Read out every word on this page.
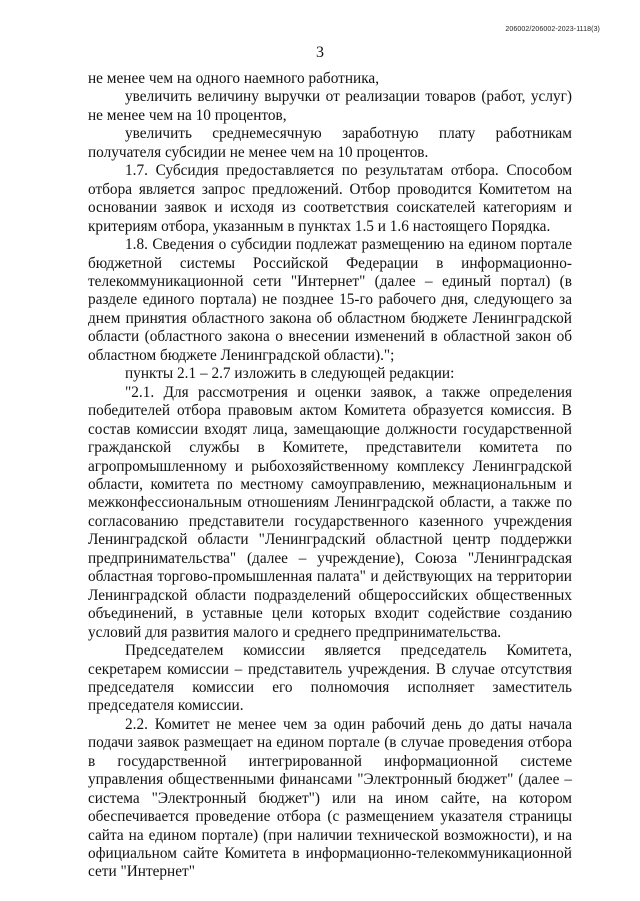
206002/206002-2023-1118(3)
3

не менее чем на одного наемного работника,

увеличить величину выручки от реализации товаров (работ, услуг) не менее чем на 10 процентов,

увеличить среднемесячную заработную плату работникам получателя субсидии не менее чем на 10 процентов.

1.7. Субсидия предоставляется по результатам отбора. Способом отбора является запрос предложений. Отбор проводится Комитетом на основании заявок и исходя из соответствия соискателей категориям и критериям отбора, указанным в пунктах 1.5 и 1.6 настоящего Порядка.

1.8. Сведения о субсидии подлежат размещению на едином портале бюджетной системы Российской Федерации в информационно-телекоммуникационной сети "Интернет" (далее – единый портал) (в разделе единого портала) не позднее 15-го рабочего дня, следующего за днем принятия областного закона об областном бюджете Ленинградской области (областного закона о внесении изменений в областной закон об областном бюджете Ленинградской области).";

пункты 2.1 – 2.7 изложить в следующей редакции:

"2.1. Для рассмотрения и оценки заявок, а также определения победителей отбора правовым актом Комитета образуется комиссия. В состав комиссии входят лица, замещающие должности государственной гражданской службы в Комитете, представители комитета по агропромышленному и рыбохозяйственному комплексу Ленинградской области, комитета по местному самоуправлению, межнациональным и межконфессиональным отношениям Ленинградской области, а также по согласованию представители государственного казенного учреждения Ленинградской области "Ленинградский областной центр поддержки предпринимательства" (далее – учреждение), Союза "Ленинградская областная торгово-промышленная палата" и действующих на территории Ленинградской области подразделений общероссийских общественных объединений, в уставные цели которых входит содействие созданию условий для развития малого и среднего предпринимательства.

Председателем комиссии является председатель Комитета, секретарем комиссии – представитель учреждения. В случае отсутствия председателя комиссии его полномочия исполняет заместитель председателя комиссии.

2.2. Комитет не менее чем за один рабочий день до даты начала подачи заявок размещает на едином портале (в случае проведения отбора в государственной интегрированной информационной системе управления общественными финансами "Электронный бюджет" (далее – система "Электронный бюджет") или на ином сайте, на котором обеспечивается проведение отбора (с размещением указателя страницы сайта на едином портале) (при наличии технической возможности), и на официальном сайте Комитета в информационно-телекоммуникационной сети "Интернет"
